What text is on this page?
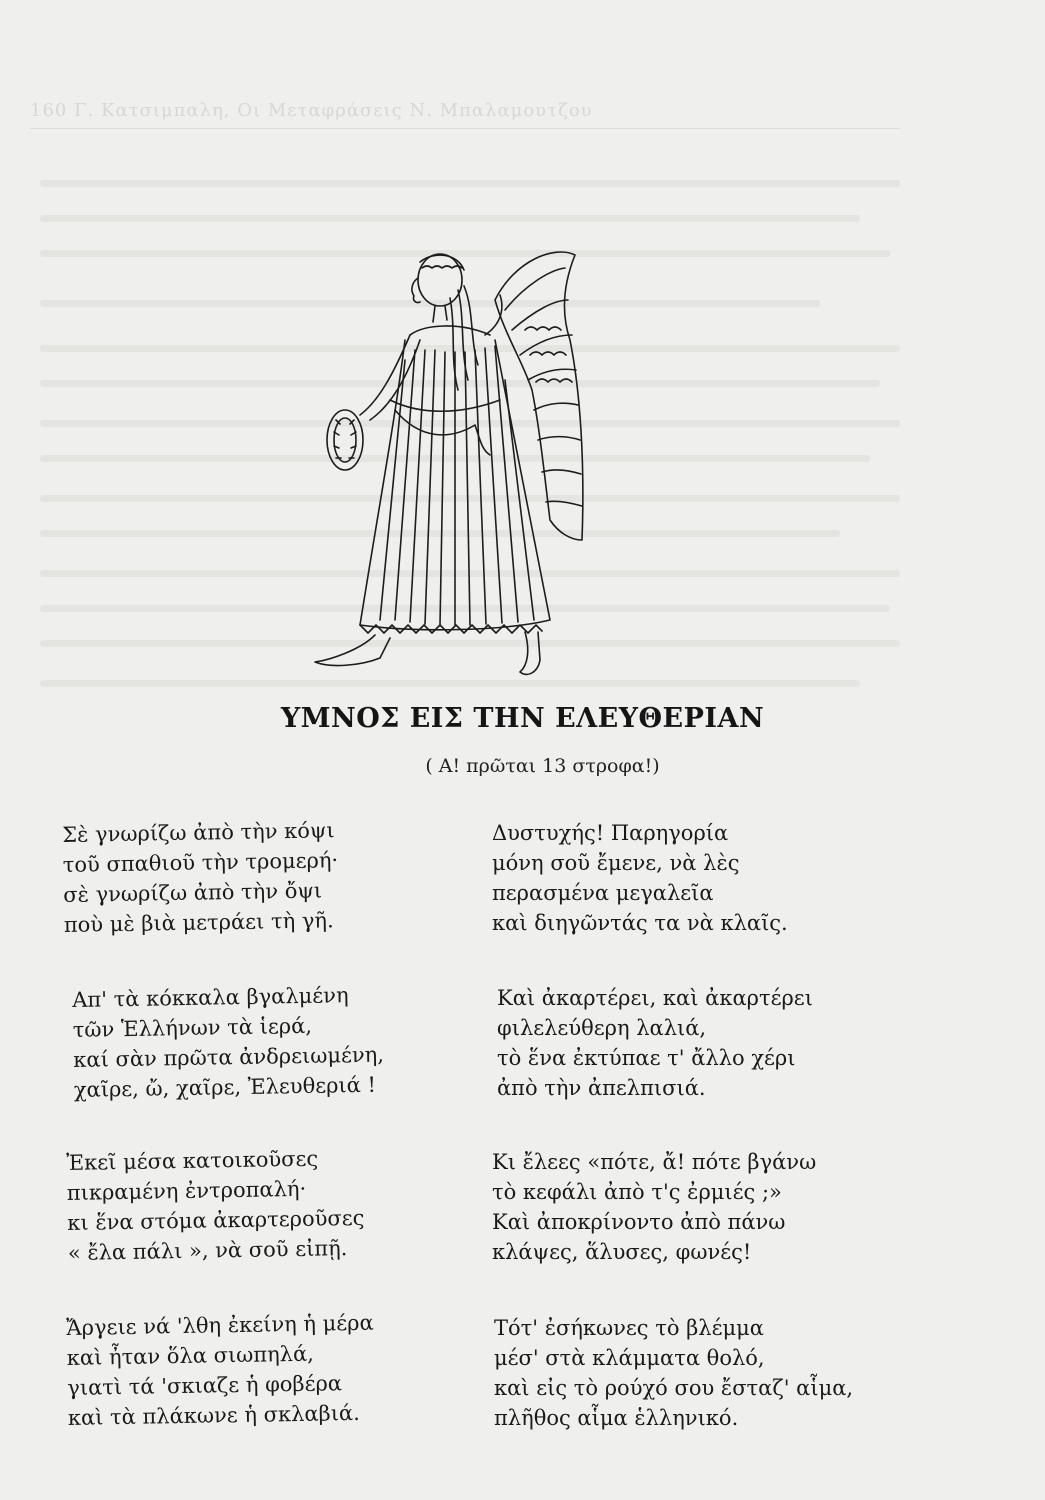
160 Γ. Κατσιμπαλη, Οι Μεταφράσεις Ν. Μπαλαμουτζου
ΥΜΝΟΣ ΕΙΣ ΤΗΝ ΕΛΕΥΘΕΡΙΑΝ
( Α! πρῶται 13 στροφα!)
Σὲ γνωρίζω ἀπὸ τὴν κόψι
τοῦ σπαθιοῦ τὴν τρομερή·
σὲ γνωρίζω ἀπὸ τὴν ὄψι
ποὺ μὲ βιὰ μετράει τὴ γῆ.
Απ' τὰ κόκκαλα βγαλμένη
τῶν Ἑλλήνων τὰ ἱερά,
καί σὰν πρῶτα ἀνδρειωμένη,
χαῖρε, ὤ, χαῖρε, Ἐλευθεριά !
Ἐκεῖ μέσα κατοικοῦσες
πικραμένη ἐντροπαλή·
κι ἕνα στόμα ἀκαρτεροῦσες
« ἔλα πάλι », νὰ σοῦ εἰπῇ.
Ἄργειε νά 'λθη ἐκείνη ἡ μέρα
καὶ ἦταν ὅλα σιωπηλά,
γιατὶ τά 'σκιαζε ἡ φοβέρα
καὶ τὰ πλάκωνε ἡ σκλαβιά.
Δυστυχής! Παρηγορία
μόνη σοῦ ἔμενε, νὰ λὲς
περασμένα μεγαλεῖα
καὶ διηγῶντάς τα νὰ κλαῖς.
Καὶ ἀκαρτέρει, καὶ ἀκαρτέρει
φιλελεύθερη λαλιά,
τὸ ἕνα ἐκτύπαε τ' ἄλλο χέρι
ἀπὸ τὴν ἀπελπισιά.
Κι ἔλεες «πότε, ἄ! πότε βγάνω
τὸ κεφάλι ἀπὸ τ'ς ἐρμιές ;»
Καὶ ἀποκρίνοντο ἀπὸ πάνω
κλάψες, ἅλυσες, φωνές!
Τότ' ἐσήκωνες τὸ βλέμμα
μέσ' στὰ κλάμματα θολό,
καὶ εἰς τὸ ρούχό σου ἔσταζ' αἷμα,
πλῆθος αἷμα ἑλληνικό.
